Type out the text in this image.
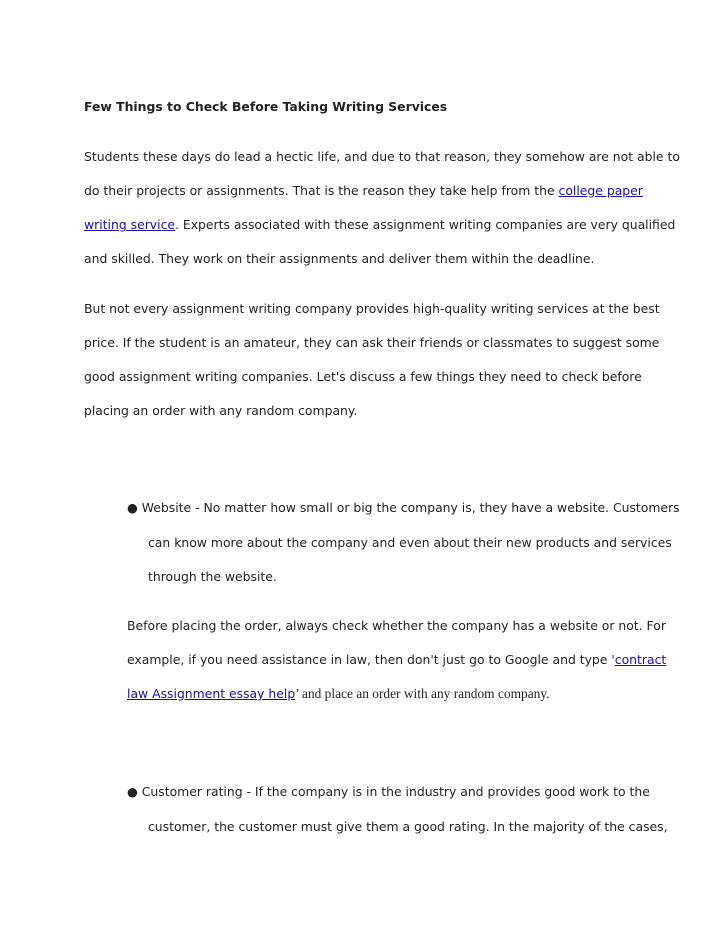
Few Things to Check Before Taking Writing Services
Students these days do lead a hectic life, and due to that reason, they somehow are not able to
do their projects or assignments. That is the reason they take help from the college paper
writing service. Experts associated with these assignment writing companies are very qualified
and skilled. They work on their assignments and deliver them within the deadline.
But not every assignment writing company provides high-quality writing services at the best
price. If the student is an amateur, they can ask their friends or classmates to suggest some
good assignment writing companies. Let's discuss a few things they need to check before
placing an order with any random company.
● Website - No matter how small or big the company is, they have a website. Customers
can know more about the company and even about their new products and services
through the website.
Before placing the order, always check whether the company has a website or not. For
example, if you need assistance in law, then don't just go to Google and type 'contract
law Assignment essay help’ and place an order with any random company.
● Customer rating - If the company is in the industry and provides good work to the
customer, the customer must give them a good rating. In the majority of the cases,
